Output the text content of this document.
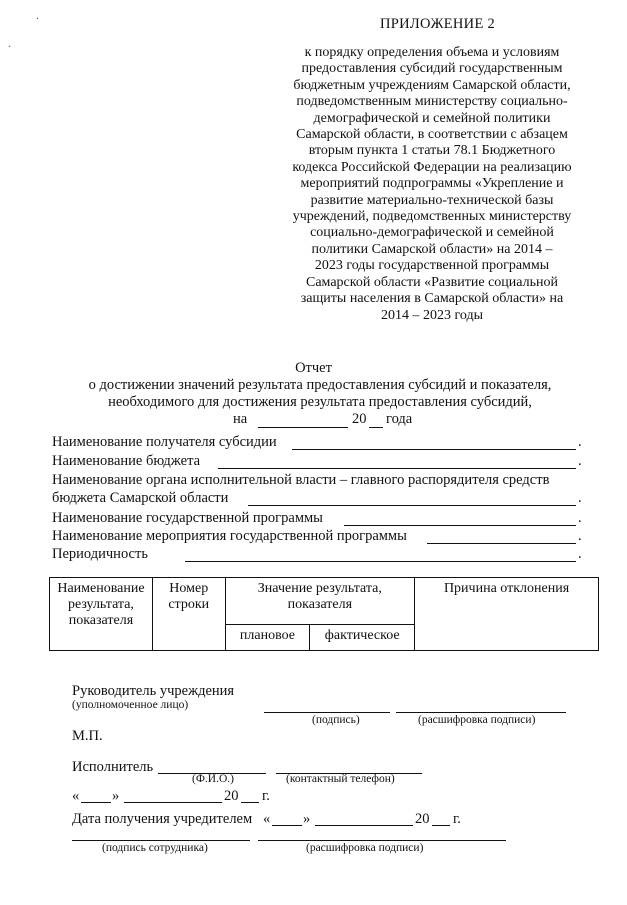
.
.
ПРИЛОЖЕНИЕ 2
к порядку определения объема и условиям
предоставления субсидий государственным
бюджетным учреждениям Самарской области,
подведомственным министерству социально-
демографической и семейной политики
Самарской области, в соответствии с абзацем
вторым пункта 1 статьи 78.1 Бюджетного
кодекса Российской Федерации на реализацию
мероприятий подпрограммы «Укрепление и
развитие материально-технической базы
учреждений, подведомственных министерству
социально-демографической и семейной
политики Самарской области» на 2014 –
2023 годы государственной программы
Самарской области «Развитие социальной
защиты населения в Самарской области» на
2014 – 2023 годы
Отчет
о достижении значений результата предоставления субсидий и показателя,
необходимого для достижения результата предоставления субсидий,
на	20 года
Наименование получателя субсидии	.
Наименование бюджета	.
Наименование органа исполнительной власти – главного распорядителя средств
бюджета Самарской области	.
Наименование государственной программы	.
Наименование мероприятия государственной программы	.
Периодичность	.
Наименование результата, показателя	Номер строки	Значение результата, показателя		Причина отклонения
		плановое	фактическое	
Руководитель учреждения
(уполномоченное лицо)
(подпись)	(расшифровка подписи)
М.П.
Исполнитель
(Ф.И.О.)	(контактный телефон)
« »	20 г.
Дата получения учредителем « »	20 г.
(подпись сотрудника)	(расшифровка подписи)
